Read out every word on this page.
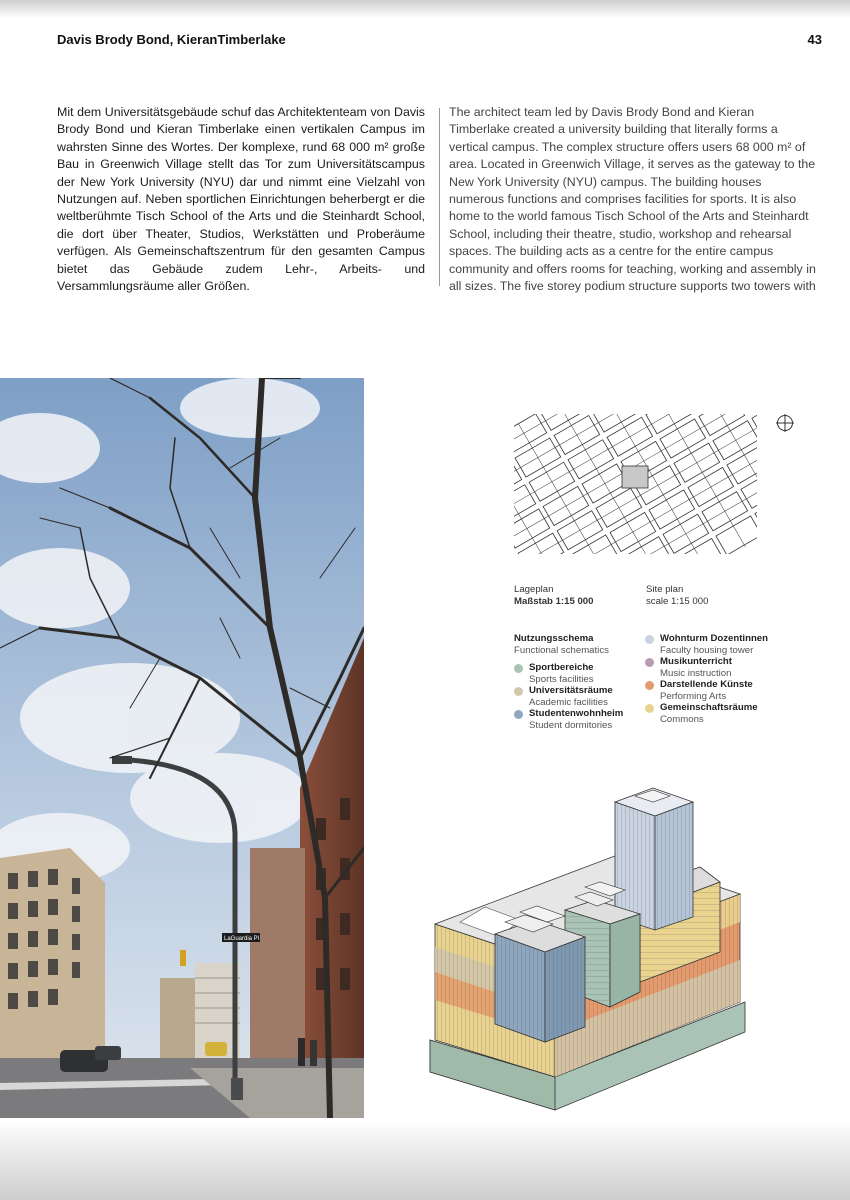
Davis Brody Bond, KieranTimberlake	43
Mit dem Universitätsgebäude schuf das Architektenteam von Davis Brody Bond und Kieran Timberlake einen vertikalen Campus im wahrsten Sinne des Wortes. Der komplexe, rund 68 000 m² große Bau in Greenwich Village stellt das Tor zum Universitätscampus der New York University (NYU) dar und nimmt eine Vielzahl von Nutzungen auf. Neben sportlichen Einrichtungen beherbergt er die weltberühmte Tisch School of the Arts und die Steinhardt School, die dort über Theater, Studios, Werkstätten und Proberäume verfügen. Als Gemeinschaftszentrum für den gesamten Campus bietet das Gebäude zudem Lehr-, Arbeits- und Versammlungsräume aller Größen.
The architect team led by Davis Brody Bond and Kieran Timberlake created a university building that literally forms a vertical campus. The complex structure offers users 68 000 m² of area. Located in Greenwich Village, it serves as the gateway to the New York University (NYU) campus. The building houses numerous functions and comprises facilities for sports. It is also home to the world famous Tisch School of the Arts and Steinhardt School, including their theatre, studio, workshop and rehearsal spaces. The building acts as a centre for the entire campus community and offers rooms for teaching, working and assembly in all sizes. The five storey podium structure supports two towers with
LaGuardia Pl
Lageplan
Maßstab 1:15 000
Site plan
scale 1:15 000
Nutzungsschema
Functional schematics
Sportbereiche
Sports facilities
Universitätsräume
Academic facilities
Studentenwohnheim
Student dormitories
Wohnturm Dozentinnen
Faculty housing tower
Musikunterricht
Music instruction
Darstellende Künste
Performing Arts
Gemeinschaftsräume
Commons
